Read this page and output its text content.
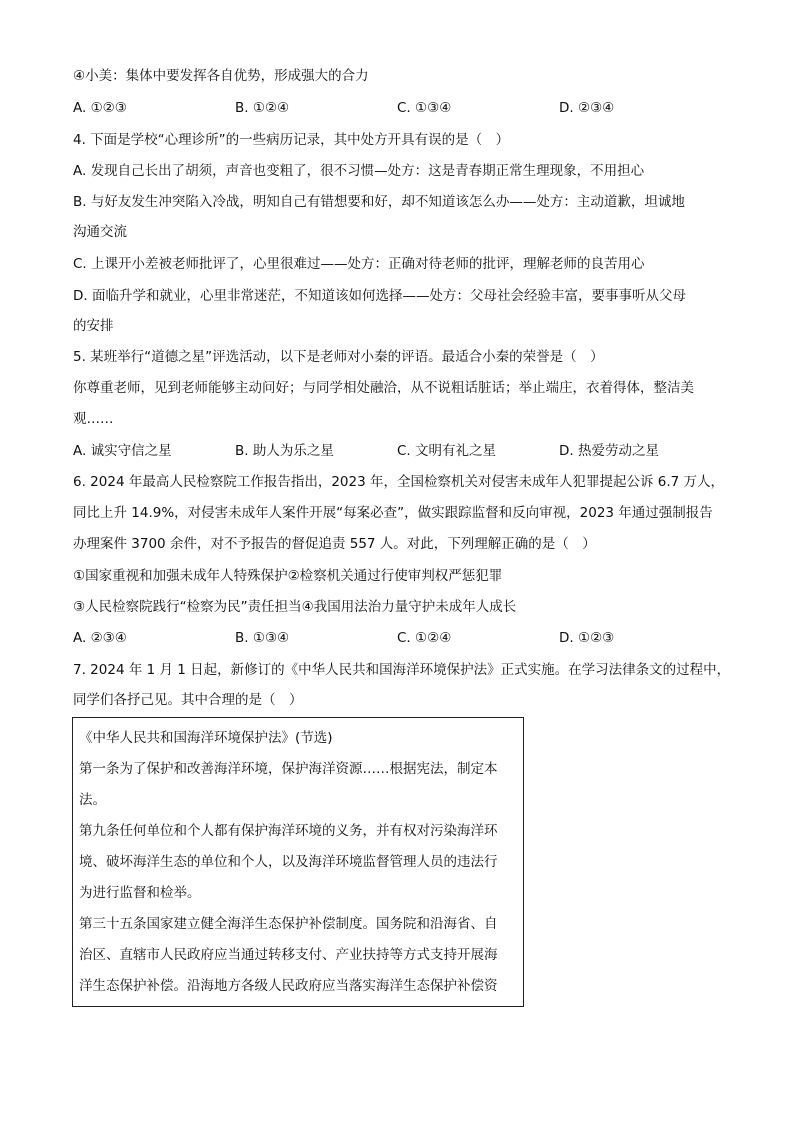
④小美：集体中要发挥各自优势，形成强大的合力
A. ①②③	B. ①②④	C. ①③④	D. ②③④
4. 下面是学校“心理诊所”的一些病历记录，其中处方开具有误的是（　）
A. 发现自己长出了胡须，声音也变粗了，很不习惯—处方：这是青春期正常生理现象，不用担心
B. 与好友发生冲突陷入冷战，明知自己有错想要和好，却不知道该怎么办——处方：主动道歉，坦诚地
沟通交流
C. 上课开小差被老师批评了，心里很难过——处方：正确对待老师的批评，理解老师的良苦用心
D. 面临升学和就业，心里非常迷茫，不知道该如何选择——处方：父母社会经验丰富，要事事听从父母
的安排
5. 某班举行“道德之星”评选活动，以下是老师对小秦的评语。最适合小秦的荣誉是（　）
你尊重老师，见到老师能够主动问好；与同学相处融洽，从不说粗话脏话；举止端庄，衣着得体，整洁美
观……
A. 诚实守信之星	B. 助人为乐之星	C. 文明有礼之星	D. 热爱劳动之星
6. 2024 年最高人民检察院工作报告指出，2023 年，全国检察机关对侵害未成年人犯罪提起公诉 6.7 万人，
同比上升 14.9%，对侵害未成年人案件开展“每案必查”，做实跟踪监督和反向审视，2023 年通过强制报告
办理案件 3700 余件，对不予报告的督促追责 557 人。对此，下列理解正确的是（　）
①国家重视和加强未成年人特殊保护②检察机关通过行使审判权严惩犯罪
③人民检察院践行“检察为民”责任担当④我国用法治力量守护未成年人成长
A. ②③④	B. ①③④	C. ①②④	D. ①②③
7. 2024 年 1 月 1 日起，新修订的《中华人民共和国海洋环境保护法》正式实施。在学习法律条文的过程中，
同学们各抒己见。其中合理的是（　）
《中华人民共和国海洋环境保护法》(节选)
第一条为了保护和改善海洋环境，保护海洋资源……根据宪法，制定本
法。
第九条任何单位和个人都有保护海洋环境的义务，并有权对污染海洋环
境、破坏海洋生态的单位和个人，以及海洋环境监督管理人员的违法行
为进行监督和检举。
第三十五条国家建立健全海洋生态保护补偿制度。国务院和沿海省、自
治区、直辖市人民政府应当通过转移支付、产业扶持等方式支持开展海
洋生态保护补偿。沿海地方各级人民政府应当落实海洋生态保护补偿资
